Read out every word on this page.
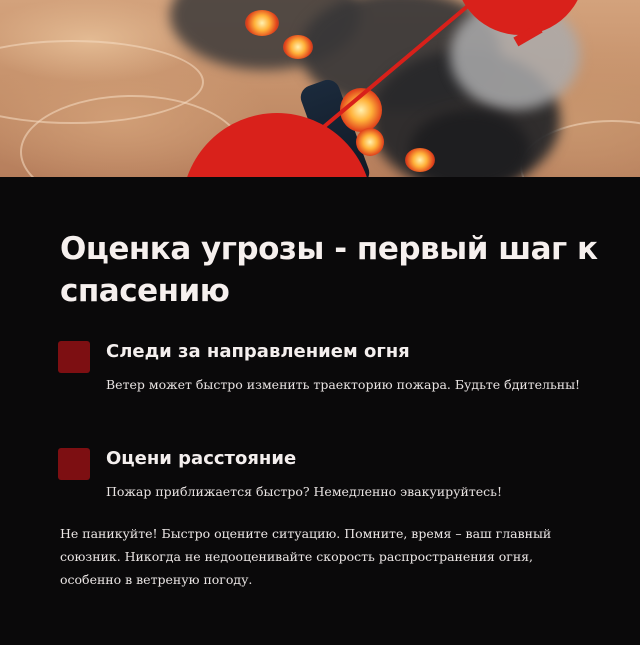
Оценка угрозы - первый шаг к спасению
Следи за направлением огня
Ветер может быстро изменить траекторию пожара. Будьте бдительны!
Оцени расстояние
Пожар приближается быстро? Немедленно эвакуируйтесь!
Не паникуйте! Быстро оцените ситуацию. Помните, время – ваш главный союзник. Никогда не недооценивайте скорость распространения огня, особенно в ветреную погоду.
